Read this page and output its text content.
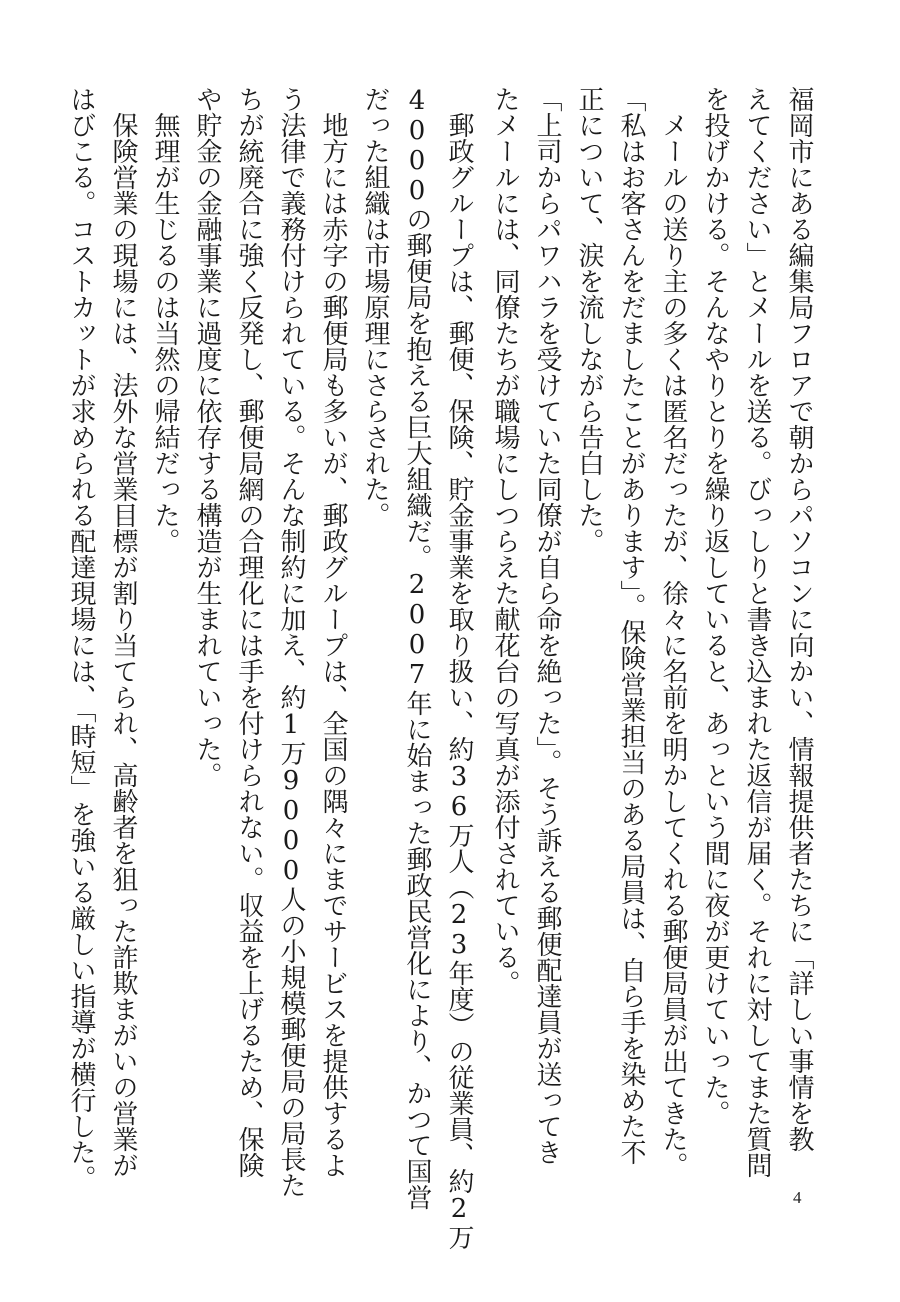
福岡市にある編集局フロアで朝からパソコンに向かい、情報提供者たちに「詳しい事情を教
えてください」とメールを送る。びっしりと書き込まれた返信が届く。それに対してまた質問
を投げかける。そんなやりとりを繰り返していると、あっという間に夜が更けていった。
　メールの送り主の多くは匿名だったが、徐々に名前を明かしてくれる郵便局員が出てきた。
「私はお客さんをだましたことがあります」。保険営業担当のある局員は、自ら手を染めた不
正について、涙を流しながら告白した。
「上司からパワハラを受けていた同僚が自ら命を絶った」。そう訴える郵便配達員が送ってき
たメールには、同僚たちが職場にしつらえた献花台の写真が添付されている。
　郵政グループは、郵便、保険、貯金事業を取り扱い、約36万人（23年度）の従業員、約2万
4000の郵便局を抱える巨大組織だ。2007年に始まった郵政民営化により、かつて国営
だった組織は市場原理にさらされた。
　地方には赤字の郵便局も多いが、郵政グループは、全国の隅々にまでサービスを提供するよ
う法律で義務付けられている。そんな制約に加え、約1万9000人の小規模郵便局の局長た
ちが統廃合に強く反発し、郵便局網の合理化には手を付けられない。収益を上げるため、保険
や貯金の金融事業に過度に依存する構造が生まれていった。
　無理が生じるのは当然の帰結だった。
　保険営業の現場には、法外な営業目標が割り当てられ、高齢者を狙った詐欺まがいの営業が
はびこる。コストカットが求められる配達現場には、「時短」を強いる厳しい指導が横行した。
4
